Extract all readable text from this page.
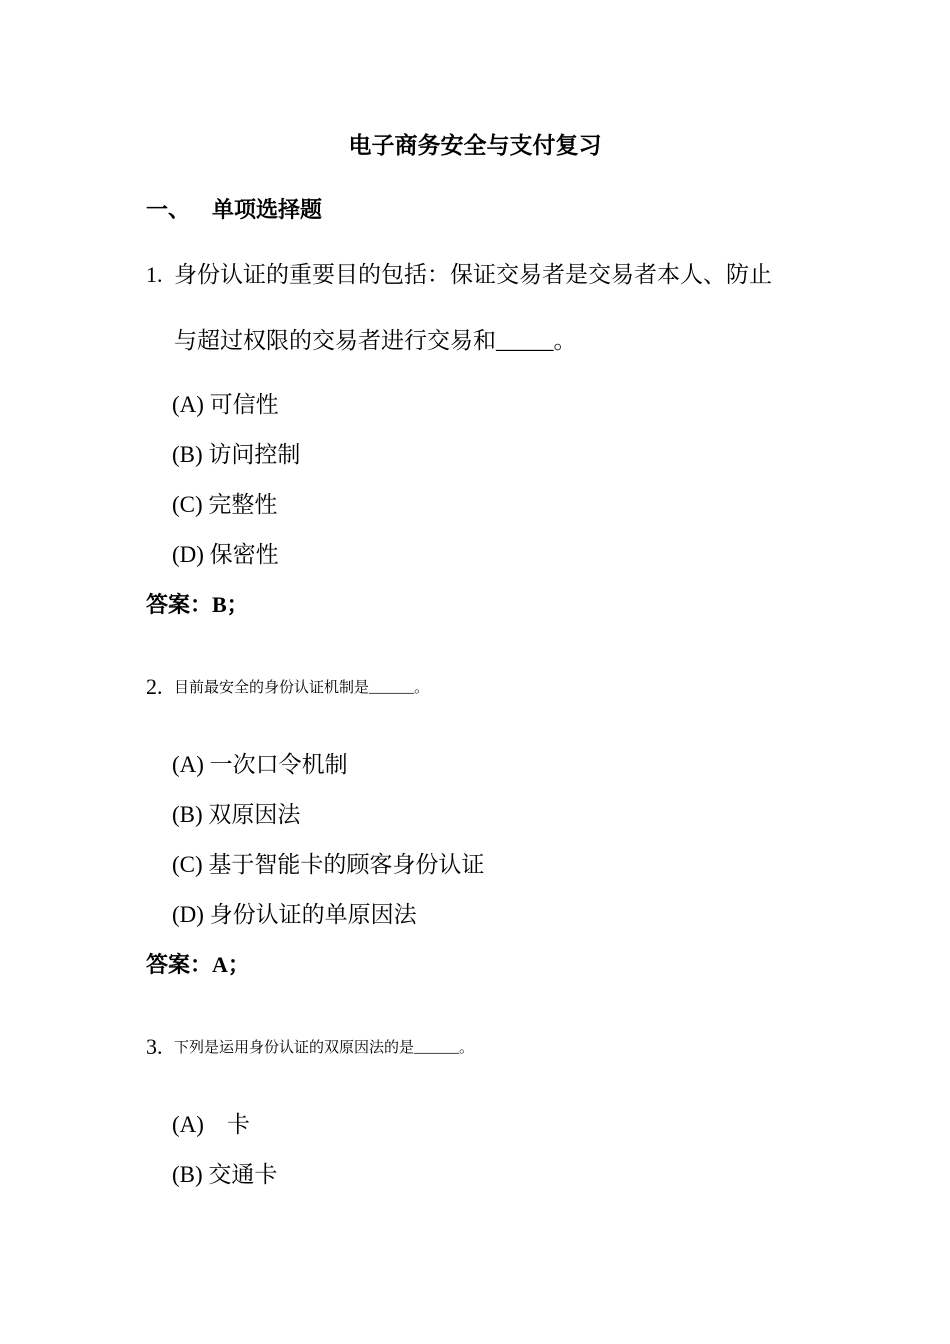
电子商务安全与支付复习
一、 单项选择题
1. 身份认证的重要目的包括：保证交易者是交易者本人、防止
与超过权限的交易者进行交易和_____。
(A) 可信性
(B) 访问控制
(C) 完整性
(D) 保密性
答案：B；
2. 目前最安全的身份认证机制是______。
(A) 一次口令机制
(B) 双原因法
(C) 基于智能卡的顾客身份认证
(D) 身份认证的单原因法
答案：A；
3. 下列是运用身份认证的双原因法的是______。
(A)　卡
(B) 交通卡
